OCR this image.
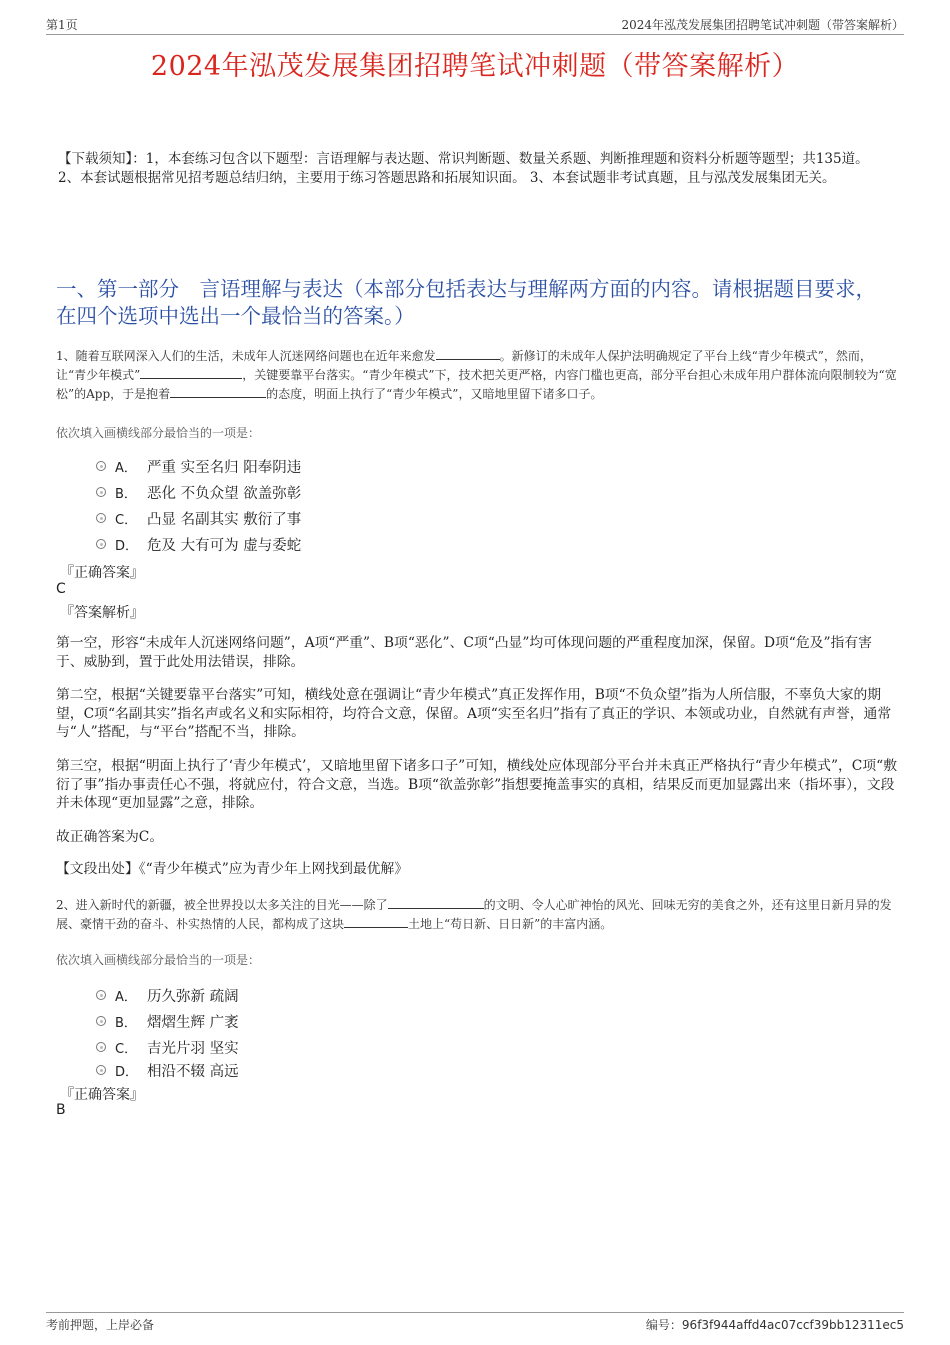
第1页	2024年泓茂发展集团招聘笔试冲刺题（带答案解析）
2024年泓茂发展集团招聘笔试冲刺题（带答案解析）
【下载须知】：1，本套练习包含以下题型：言语理解与表达题、常识判断题、数量关系题、判断推理题和资料分析题等题型；共135道。 2、本套试题根据常见招考题总结归纳，主要用于练习答题思路和拓展知识面。 3、本套试题非考试真题，且与泓茂发展集团无关。
一、第一部分　言语理解与表达（本部分包括表达与理解两方面的内容。请根据题目要求，在四个选项中选出一个最恰当的答案。）
1、随着互联网深入人们的生活，未成年人沉迷网络问题也在近年来愈发	。新修订的未成年人保护法明确规定了平台上线“青少年模式”，然而，让“青少年模式”	，关键要靠平台落实。“青少年模式”下，技术把关更严格，内容门槛也更高，部分平台担心未成年用户群体流向限制较为“宽松”的App，于是抱着	的态度，明面上执行了“青少年模式”，又暗地里留下诸多口子。
依次填入画横线部分最恰当的一项是：
A． 严重 实至名归 阳奉阴违
B． 恶化 不负众望 欲盖弥彰
C． 凸显 名副其实 敷衍了事
D． 危及 大有可为 虚与委蛇
『正确答案』
C
『答案解析』
第一空，形容“未成年人沉迷网络问题”，A项“严重”、B项“恶化”、C项“凸显”均可体现问题的严重程度加深，保留。D项“危及”指有害于、威胁到，置于此处用法错误，排除。
第二空，根据“关键要靠平台落实”可知，横线处意在强调让“青少年模式”真正发挥作用，B项“不负众望”指为人所信服，不辜负大家的期望，C项“名副其实”指名声或名义和实际相符，均符合文意，保留。A项“实至名归”指有了真正的学识、本领或功业，自然就有声誉，通常与“人”搭配，与“平台”搭配不当，排除。
第三空，根据“明面上执行了‘青少年模式’，又暗地里留下诸多口子”可知，横线处应体现部分平台并未真正严格执行“青少年模式”，C项“敷衍了事”指办事责任心不强，将就应付，符合文意，当选。B项“欲盖弥彰”指想要掩盖事实的真相，结果反而更加显露出来（指坏事），文段并未体现“更加显露”之意，排除。
故正确答案为C。
【文段出处】《“青少年模式”应为青少年上网找到最优解》
2、进入新时代的新疆，被全世界投以太多关注的目光——除了	的文明、令人心旷神怡的风光、回味无穷的美食之外，还有这里日新月异的发展、豪情干劲的奋斗、朴实热情的人民，都构成了这块	土地上“苟日新、日日新”的丰富内涵。
依次填入画横线部分最恰当的一项是：
A． 历久弥新 疏阔
B． 熠熠生辉 广袤
C． 吉光片羽 坚实
D． 相沿不辍 高远
『正确答案』
B
考前押题，上岸必备	编号：96f3f944affd4ac07ccf39bb12311ec5
